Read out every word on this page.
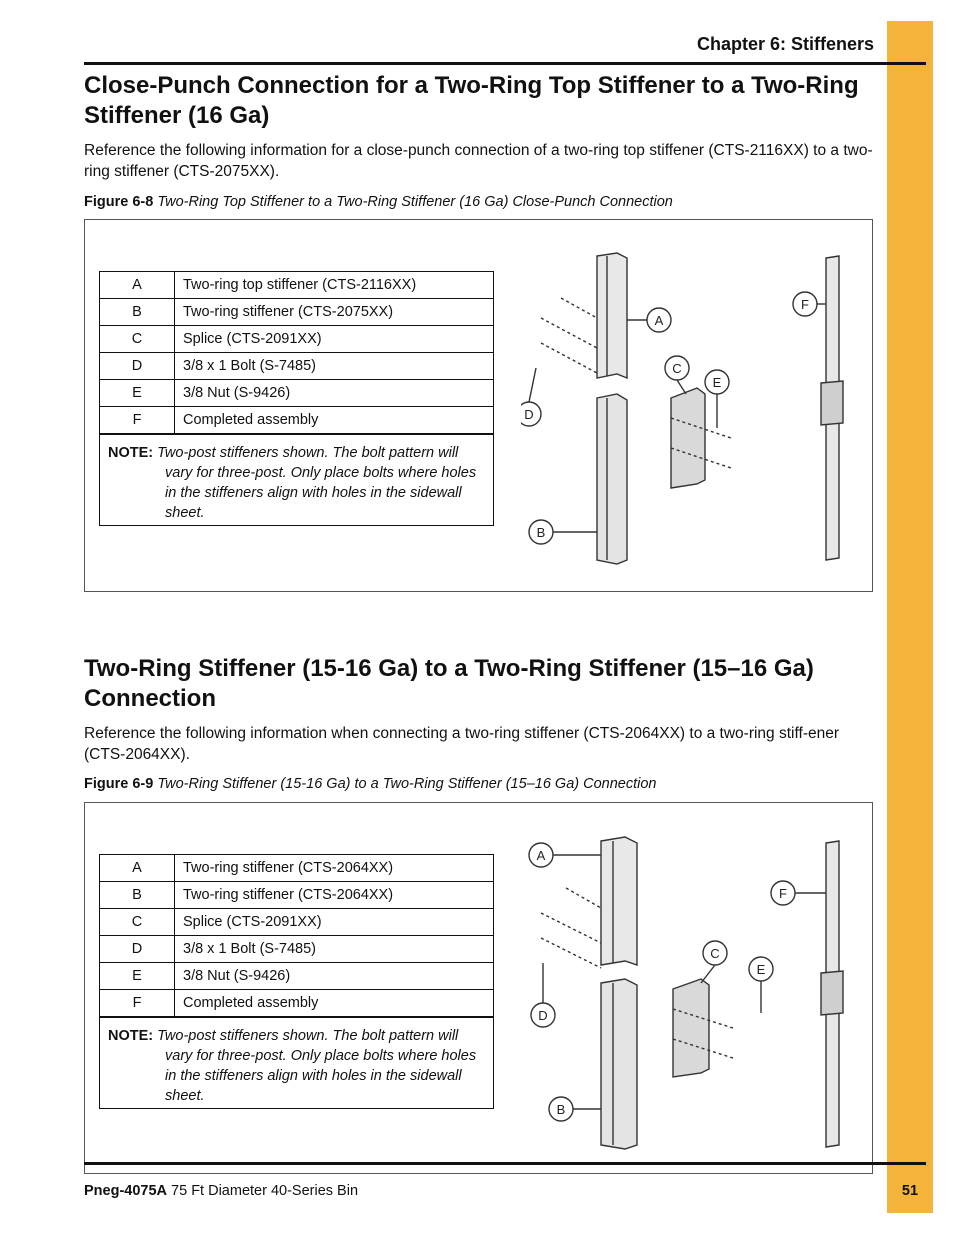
Chapter 6: Stiffeners
Close-Punch Connection for a Two-Ring Top Stiffener to a Two-Ring Stiffener (16 Ga)

Reference the following information for a close-punch connection of a two-ring top stiffener (CTS-2116XX) to a two-ring stiffener (CTS-2075XX).

Figure 6-8 Two-Ring Top Stiffener to a Two-Ring Stiffener (16 Ga) Close-Punch Connection
A	Two-ring top stiffener (CTS-2116XX)
B	Two-ring stiffener (CTS-2075XX)
C	Splice (CTS-2091XX)
D	3/8 x 1 Bolt (S-7485)
E	3/8 Nut (S-9426)
F	Completed assembly
NOTE: Two-post stiffeners shown. The bolt pattern will
vary for three-post. Only place bolts where holes in the stiffeners align with holes in the sidewall sheet.	
A
B
C
D
E
F
Two-Ring Stiffener (15-16 Ga) to a Two-Ring Stiffener (15–16 Ga) Connection

Reference the following information when connecting a two-ring stiffener (CTS-2064XX) to a two-ring stiff-ener (CTS-2064XX).

Figure 6-9 Two-Ring Stiffener (15-16 Ga) to a Two-Ring Stiffener (15–16 Ga) Connection
A	Two-ring stiffener (CTS-2064XX)
B	Two-ring stiffener (CTS-2064XX)
C	Splice (CTS-2091XX)
D	3/8 x 1 Bolt (S-7485)
E	3/8 Nut (S-9426)
F	Completed assembly
NOTE: Two-post stiffeners shown. The bolt pattern will
vary for three-post. Only place bolts where holes in the stiffeners align with holes in the sidewall sheet.	
A
B
C
D
E
F
Pneg-4075A 75 Ft Diameter 40-Series Bin	51
